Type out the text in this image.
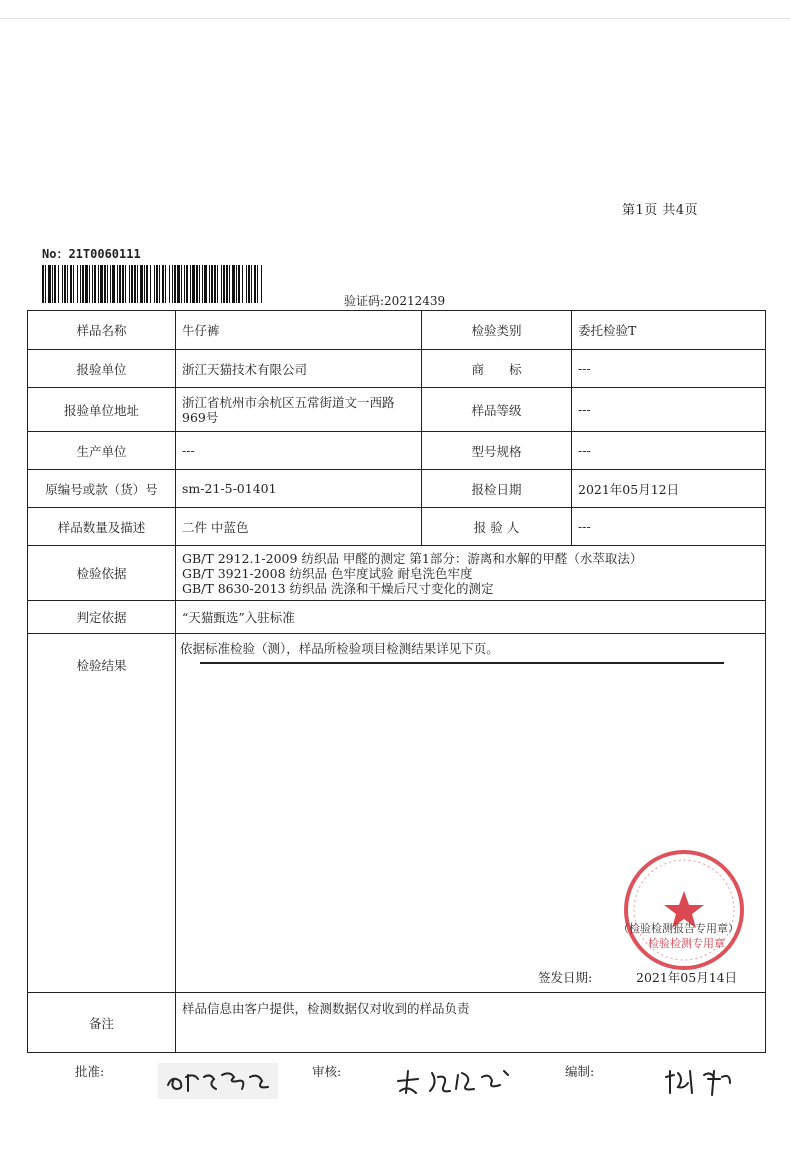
第1页 共4页
No：21T0060111
验证码:20212439
样品名称	牛仔裤	检验类别	委托检验T
报验单位	浙江天猫技术有限公司	商　　标	---
报验单位地址	浙江省杭州市余杭区五常街道文一西路969号	样品等级	---
生产单位	---	型号规格	---
原编号或款（货）号	sm-21-5-01401	报检日期	2021年05月12日
样品数量及描述	二件 中蓝色	报 验 人	---
检验依据	GB/T 2912.1-2009 纺织品 甲醛的测定 第1部分：游离和水解的甲醛（水萃取法）
GB/T 3921-2008 纺织品 色牢度试验 耐皂洗色牢度
GB/T 8630-2013 纺织品 洗涤和干燥后尺寸变化的测定		

判定依据	“天猫甄选”入驻标准		
检验结果	依据标准检验（测），样品所检验项目检测结果详见下页。
（检验检测报告专用章）
检验检测专用章
签发日期: 2021年05月14日		

备注	样品信息由客户提供，检测数据仅对收到的样品负责		
批准:	审核:	编制:
